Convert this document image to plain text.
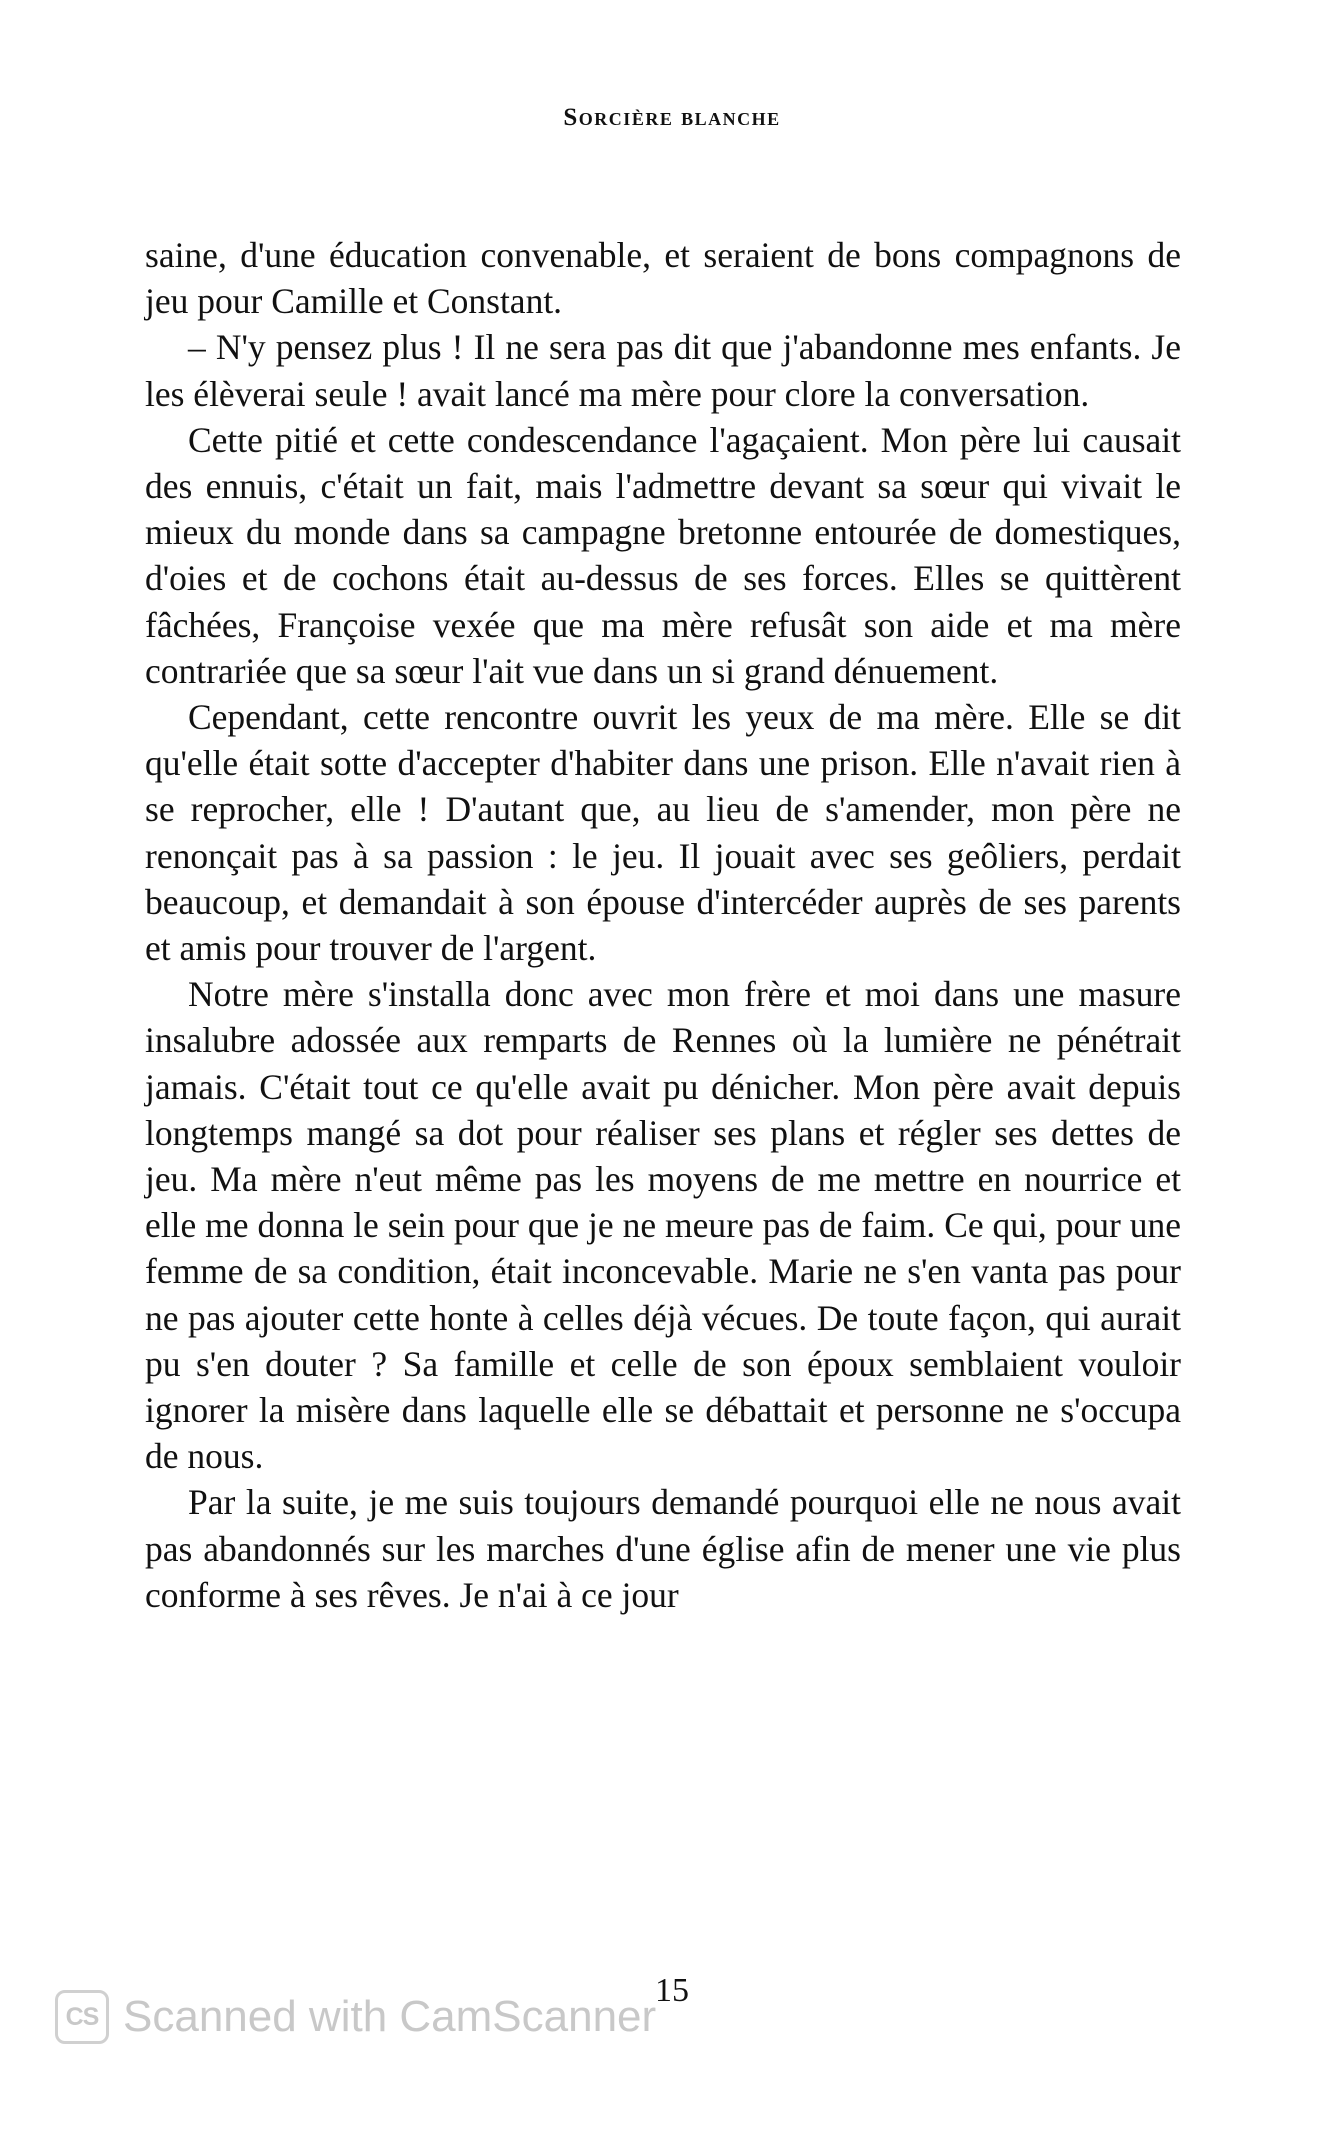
Sorcière blanche

saine, d'une éducation convenable, et seraient de bons compagnons de jeu pour Camille et Constant.

– N'y pensez plus ! Il ne sera pas dit que j'abandonne mes enfants. Je les élèverai seule ! avait lancé ma mère pour clore la conversation.

Cette pitié et cette condescendance l'agaçaient. Mon père lui causait des ennuis, c'était un fait, mais l'admettre devant sa sœur qui vivait le mieux du monde dans sa campagne bretonne entourée de domestiques, d'oies et de cochons était au-dessus de ses forces. Elles se quittèrent fâchées, Françoise vexée que ma mère refusât son aide et ma mère contrariée que sa sœur l'ait vue dans un si grand dénuement.

Cependant, cette rencontre ouvrit les yeux de ma mère. Elle se dit qu'elle était sotte d'accepter d'habiter dans une prison. Elle n'avait rien à se reprocher, elle ! D'autant que, au lieu de s'amender, mon père ne renonçait pas à sa passion : le jeu. Il jouait avec ses geôliers, perdait beaucoup, et demandait à son épouse d'intercéder auprès de ses parents et amis pour trouver de l'argent.

Notre mère s'installa donc avec mon frère et moi dans une masure insalubre adossée aux remparts de Rennes où la lumière ne pénétrait jamais. C'était tout ce qu'elle avait pu dénicher. Mon père avait depuis longtemps mangé sa dot pour réaliser ses plans et régler ses dettes de jeu. Ma mère n'eut même pas les moyens de me mettre en nourrice et elle me donna le sein pour que je ne meure pas de faim. Ce qui, pour une femme de sa condition, était inconcevable. Marie ne s'en vanta pas pour ne pas ajouter cette honte à celles déjà vécues. De toute façon, qui aurait pu s'en douter ? Sa famille et celle de son époux semblaient vouloir ignorer la misère dans laquelle elle se débattait et personne ne s'occupa de nous.

Par la suite, je me suis toujours demandé pourquoi elle ne nous avait pas abandonnés sur les marches d'une église afin de mener une vie plus conforme à ses rêves. Je n'ai à ce jour

15
CS Scanned with CamScanner
